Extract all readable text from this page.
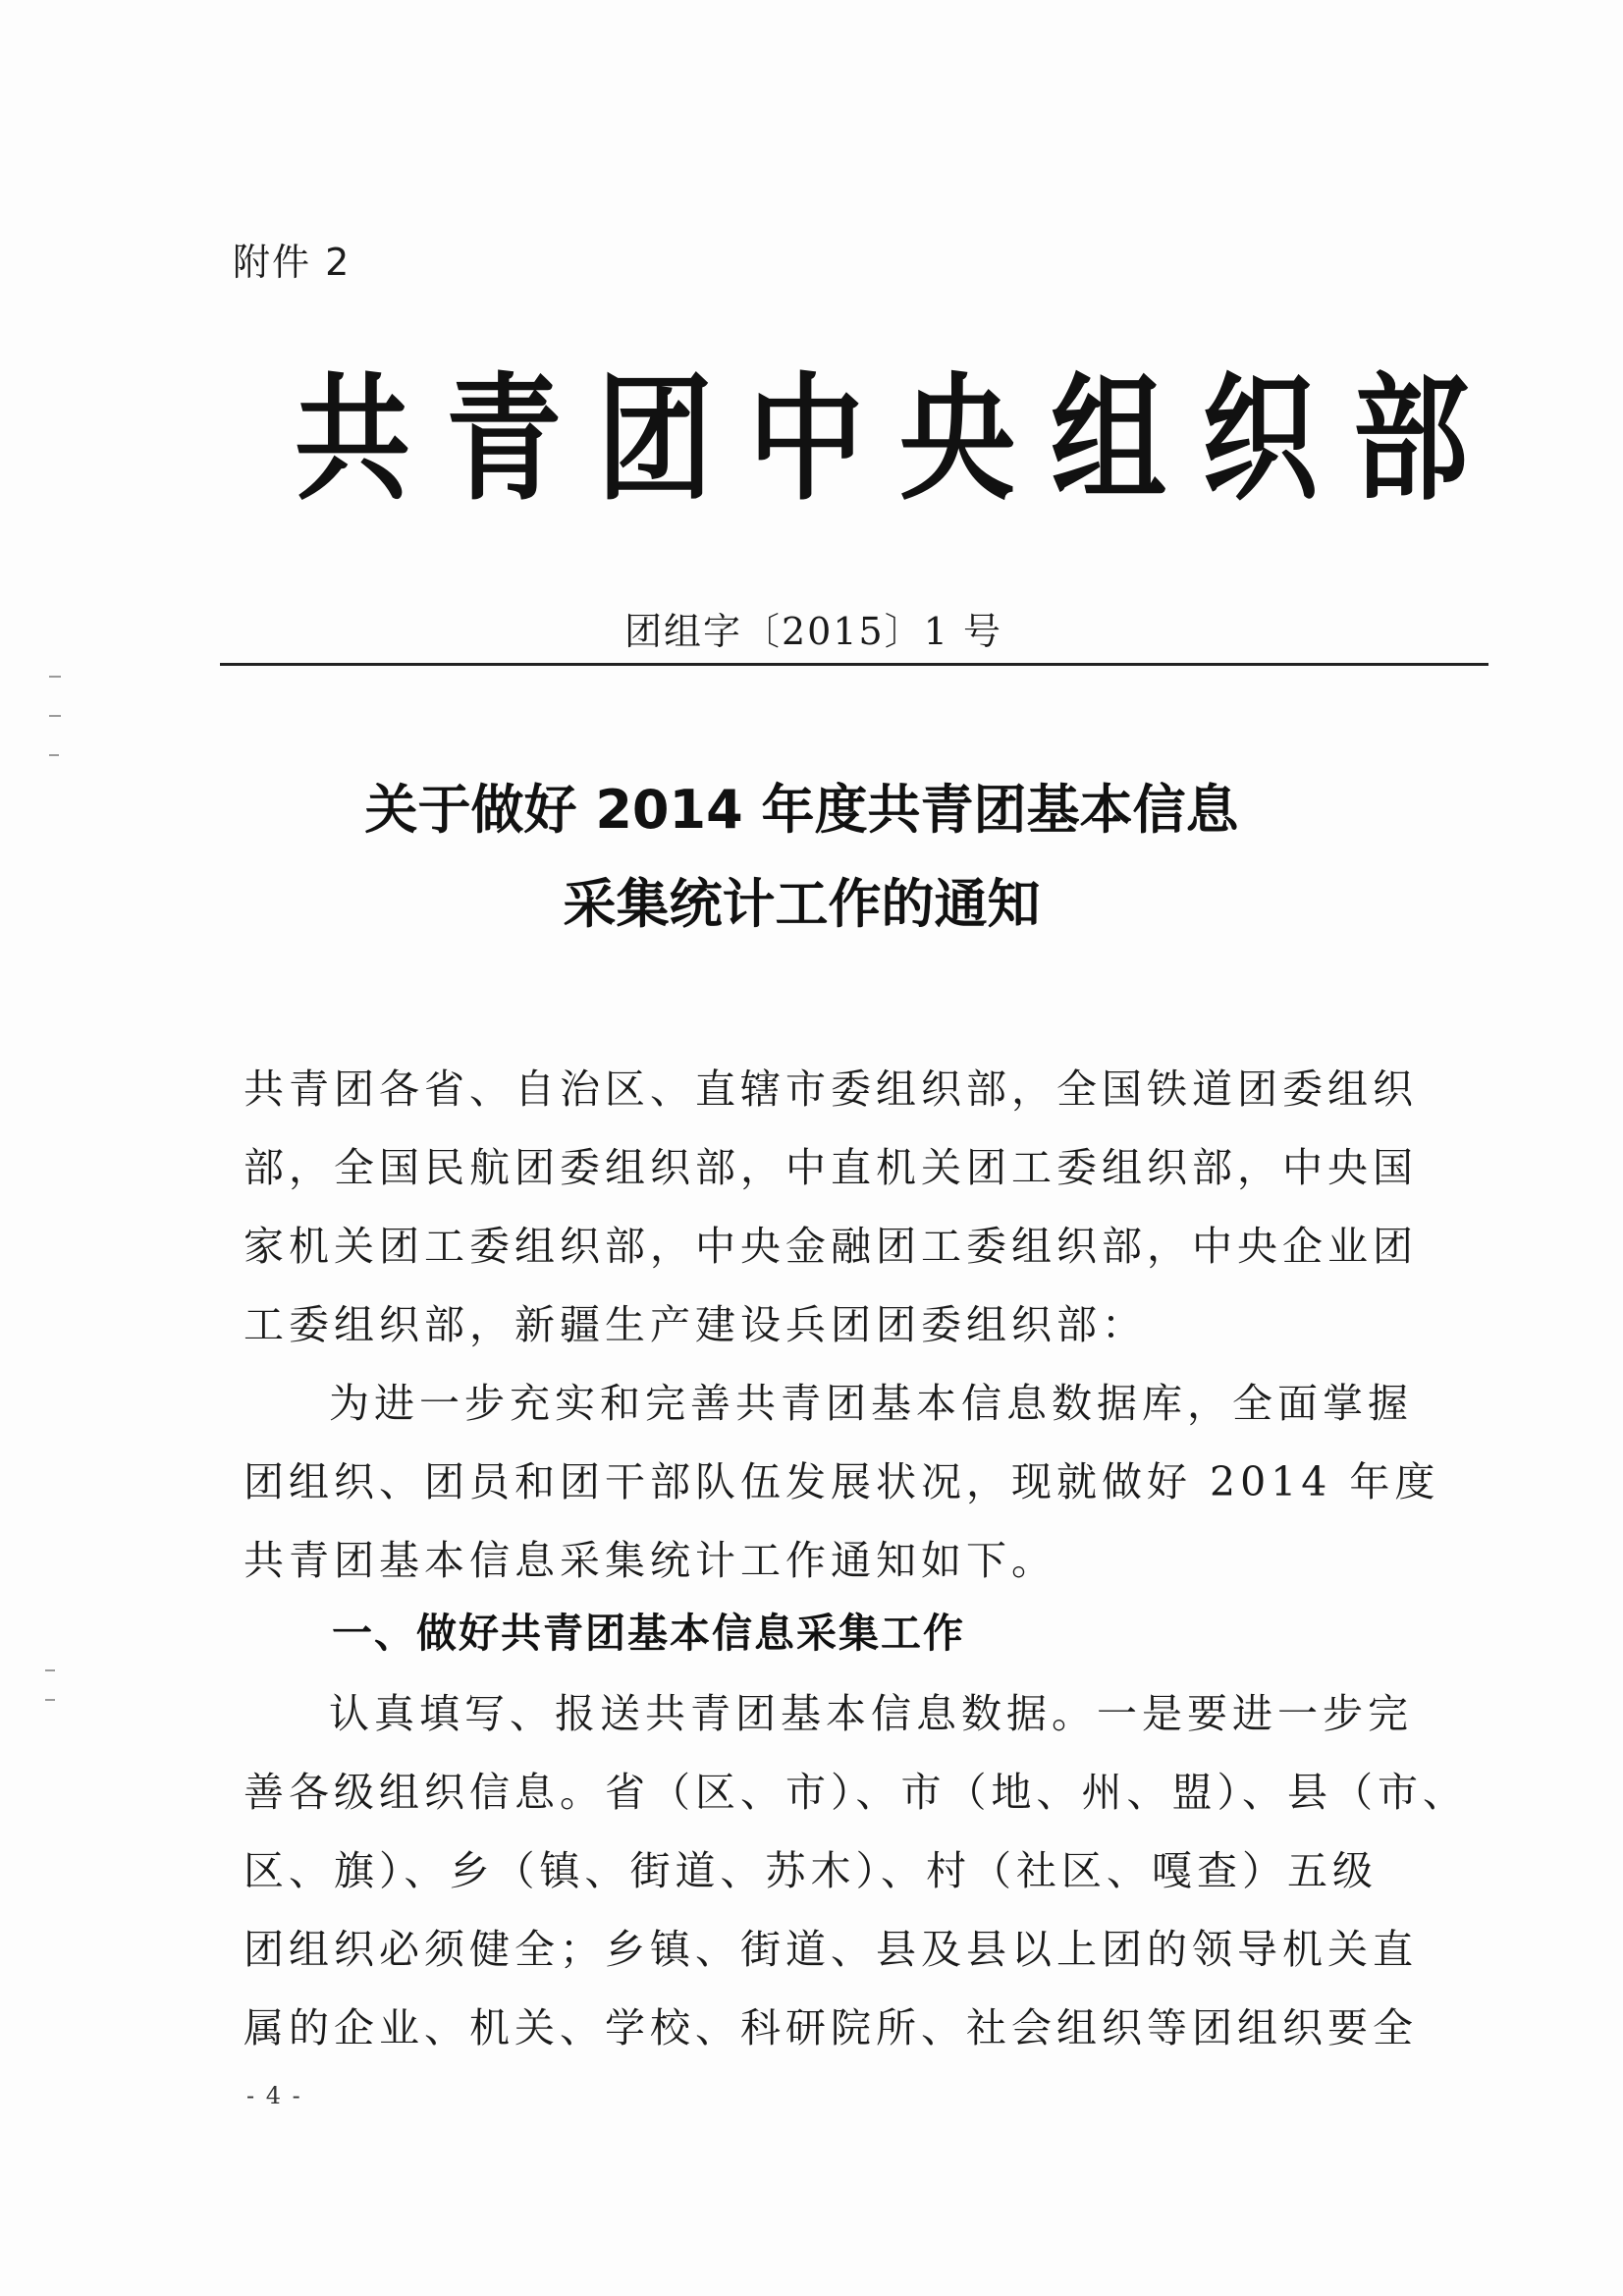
附件 2
共青团中央组织部
团组字〔2015〕1 号
关于做好 2014 年度共青团基本信息
采集统计工作的通知
共青团各省、自治区、直辖市委组织部，全国铁道团委组织
部，全国民航团委组织部，中直机关团工委组织部，中央国
家机关团工委组织部，中央金融团工委组织部，中央企业团
工委组织部，新疆生产建设兵团团委组织部：
为进一步充实和完善共青团基本信息数据库，全面掌握
团组织、团员和团干部队伍发展状况，现就做好 2014 年度
共青团基本信息采集统计工作通知如下。
一、做好共青团基本信息采集工作
认真填写、报送共青团基本信息数据。一是要进一步完
善各级组织信息。省（区、市）、市（地、州、盟）、县（市、
区、旗）、乡（镇、街道、苏木）、村（社区、嘎查）五级
团组织必须健全；乡镇、街道、县及县以上团的领导机关直
属的企业、机关、学校、科研院所、社会组织等团组织要全
- 4 -
